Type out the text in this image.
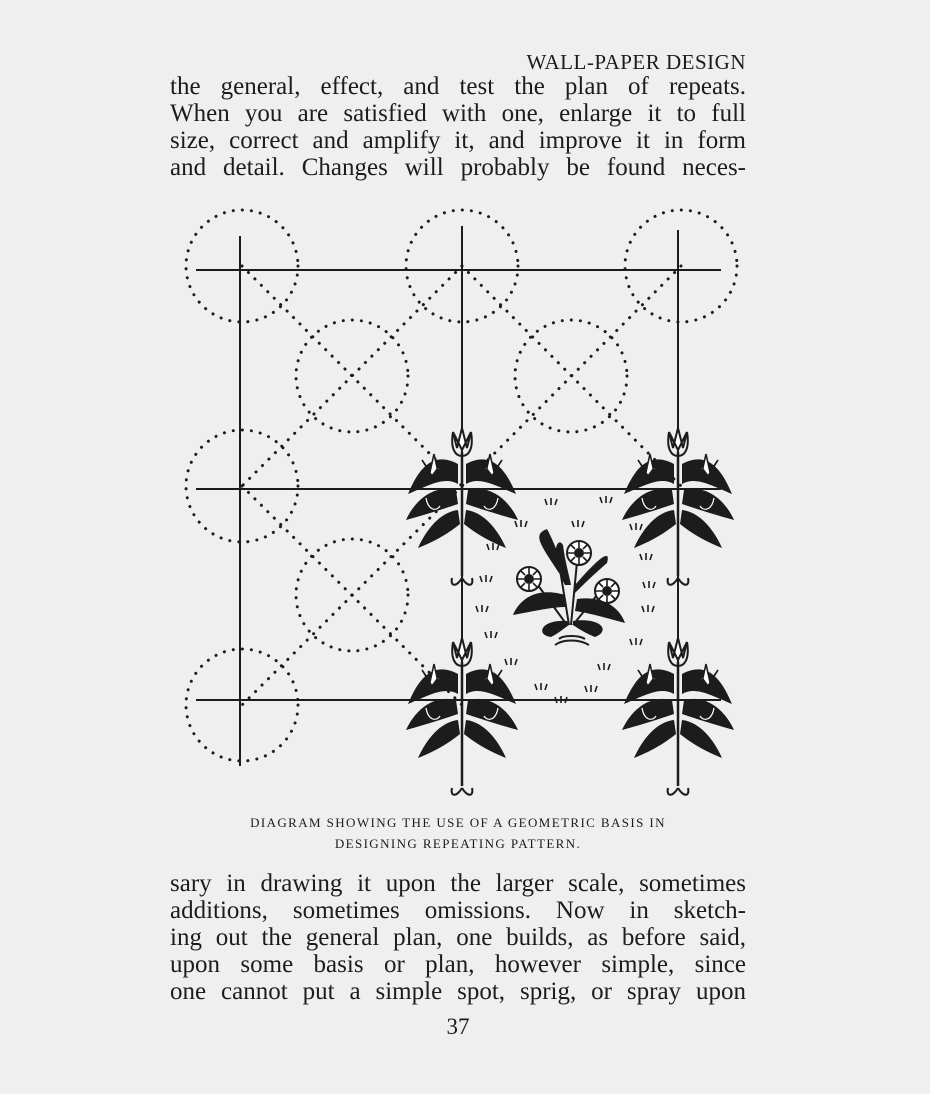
WALL-PAPER DESIGN
the general, effect, and test the plan of repeats.
When you are satisfied with one, enlarge it to full
size, correct and amplify it, and improve it in form
and detail. Changes will probably be found neces-
DIAGRAM SHOWING THE USE OF A GEOMETRIC BASIS IN
DESIGNING REPEATING PATTERN.
sary in drawing it upon the larger scale, sometimes
additions, sometimes omissions. Now in sketch-
ing out the general plan, one builds, as before said,
upon some basis or plan, however simple, since
one cannot put a simple spot, sprig, or spray upon
37
